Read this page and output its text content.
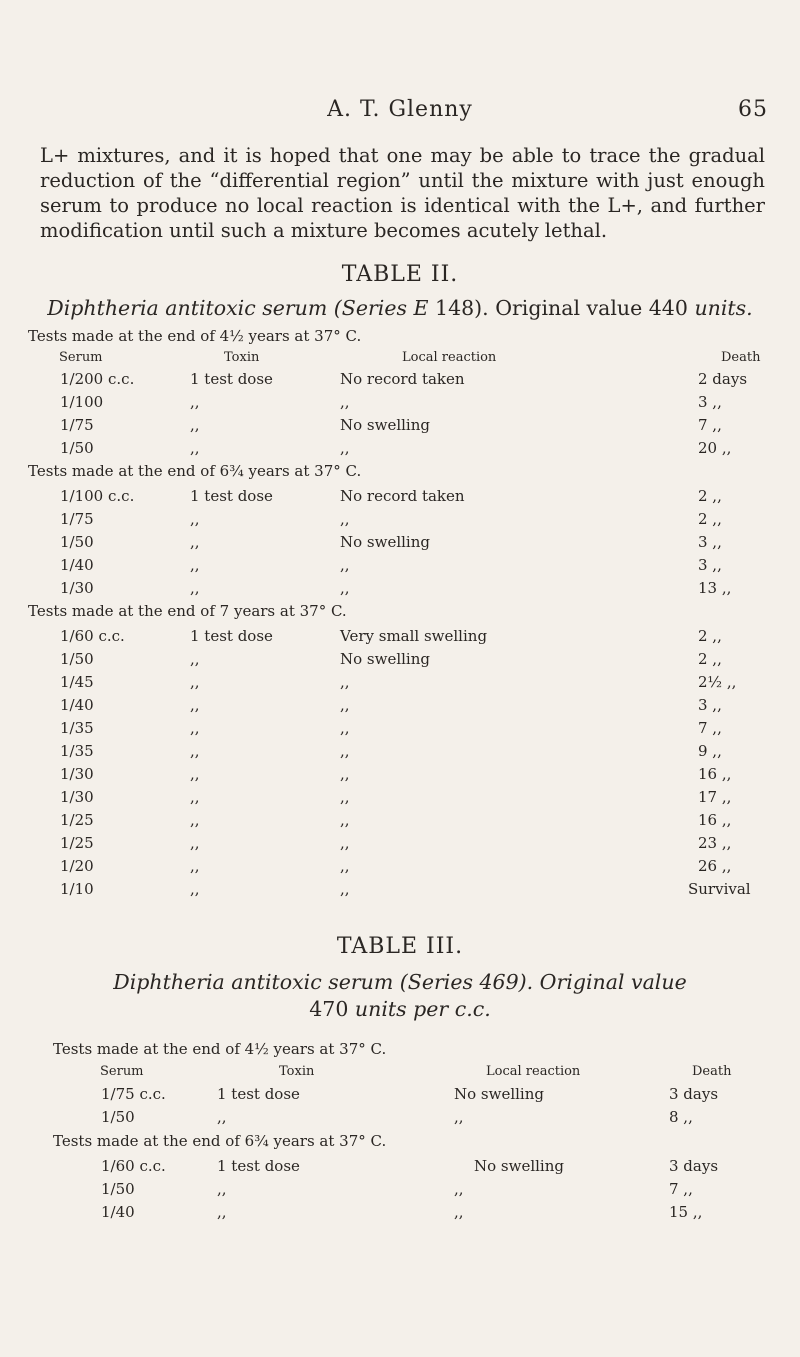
A. T. Glenny	65
L+ mixtures, and it is hoped that one may be able to trace the gradual reduction of the “differential region” until the mixture with just enough serum to produce no local reaction is identical with the L+, and further modification until such a mixture becomes acutely lethal.
TABLE II.
Diphtheria antitoxic serum (Series E 148). Original value 440 units.
Tests made at the end of 4½ years at 37° C.
Serum	Toxin	Local reaction	Death
1/200 c.c.	1 test dose	No record taken	2 days
1/100	,,	,,	3 ,,
1/75	,,	No swelling	7 ,,
1/50	,,	,,	20 ,,
Tests made at the end of 6¾ years at 37° C.
1/100 c.c.	1 test dose	No record taken	2 ,,
1/75	,,	,,	2 ,,
1/50	,,	No swelling	3 ,,
1/40	,,	,,	3 ,,
1/30	,,	,,	13 ,,
Tests made at the end of 7 years at 37° C.
1/60 c.c.	1 test dose	Very small swelling	2 ,,
1/50	,,	No swelling	2 ,,
1/45	,,	,,	2½ ,,
1/40	,,	,,	3 ,,
1/35	,,	,,	7 ,,
1/35	,,	,,	9 ,,
1/30	,,	,,	16 ,,
1/30	,,	,,	17 ,,
1/25	,,	,,	16 ,,
1/25	,,	,,	23 ,,
1/20	,,	,,	26 ,,
1/10	,,	,,	Survival
TABLE III.
Diphtheria antitoxic serum (Series 469). Original value
470 units per c.c.
Tests made at the end of 4½ years at 37° C.
Serum	Toxin	Local reaction	Death
1/75 c.c.	1 test dose	No swelling	3 days
1/50	,,	,,	8 ,,
Tests made at the end of 6¾ years at 37° C.
1/60 c.c.	1 test dose	No swelling	3 days
1/50	,,	,,	7 ,,
1/40	,,	,,	15 ,,
